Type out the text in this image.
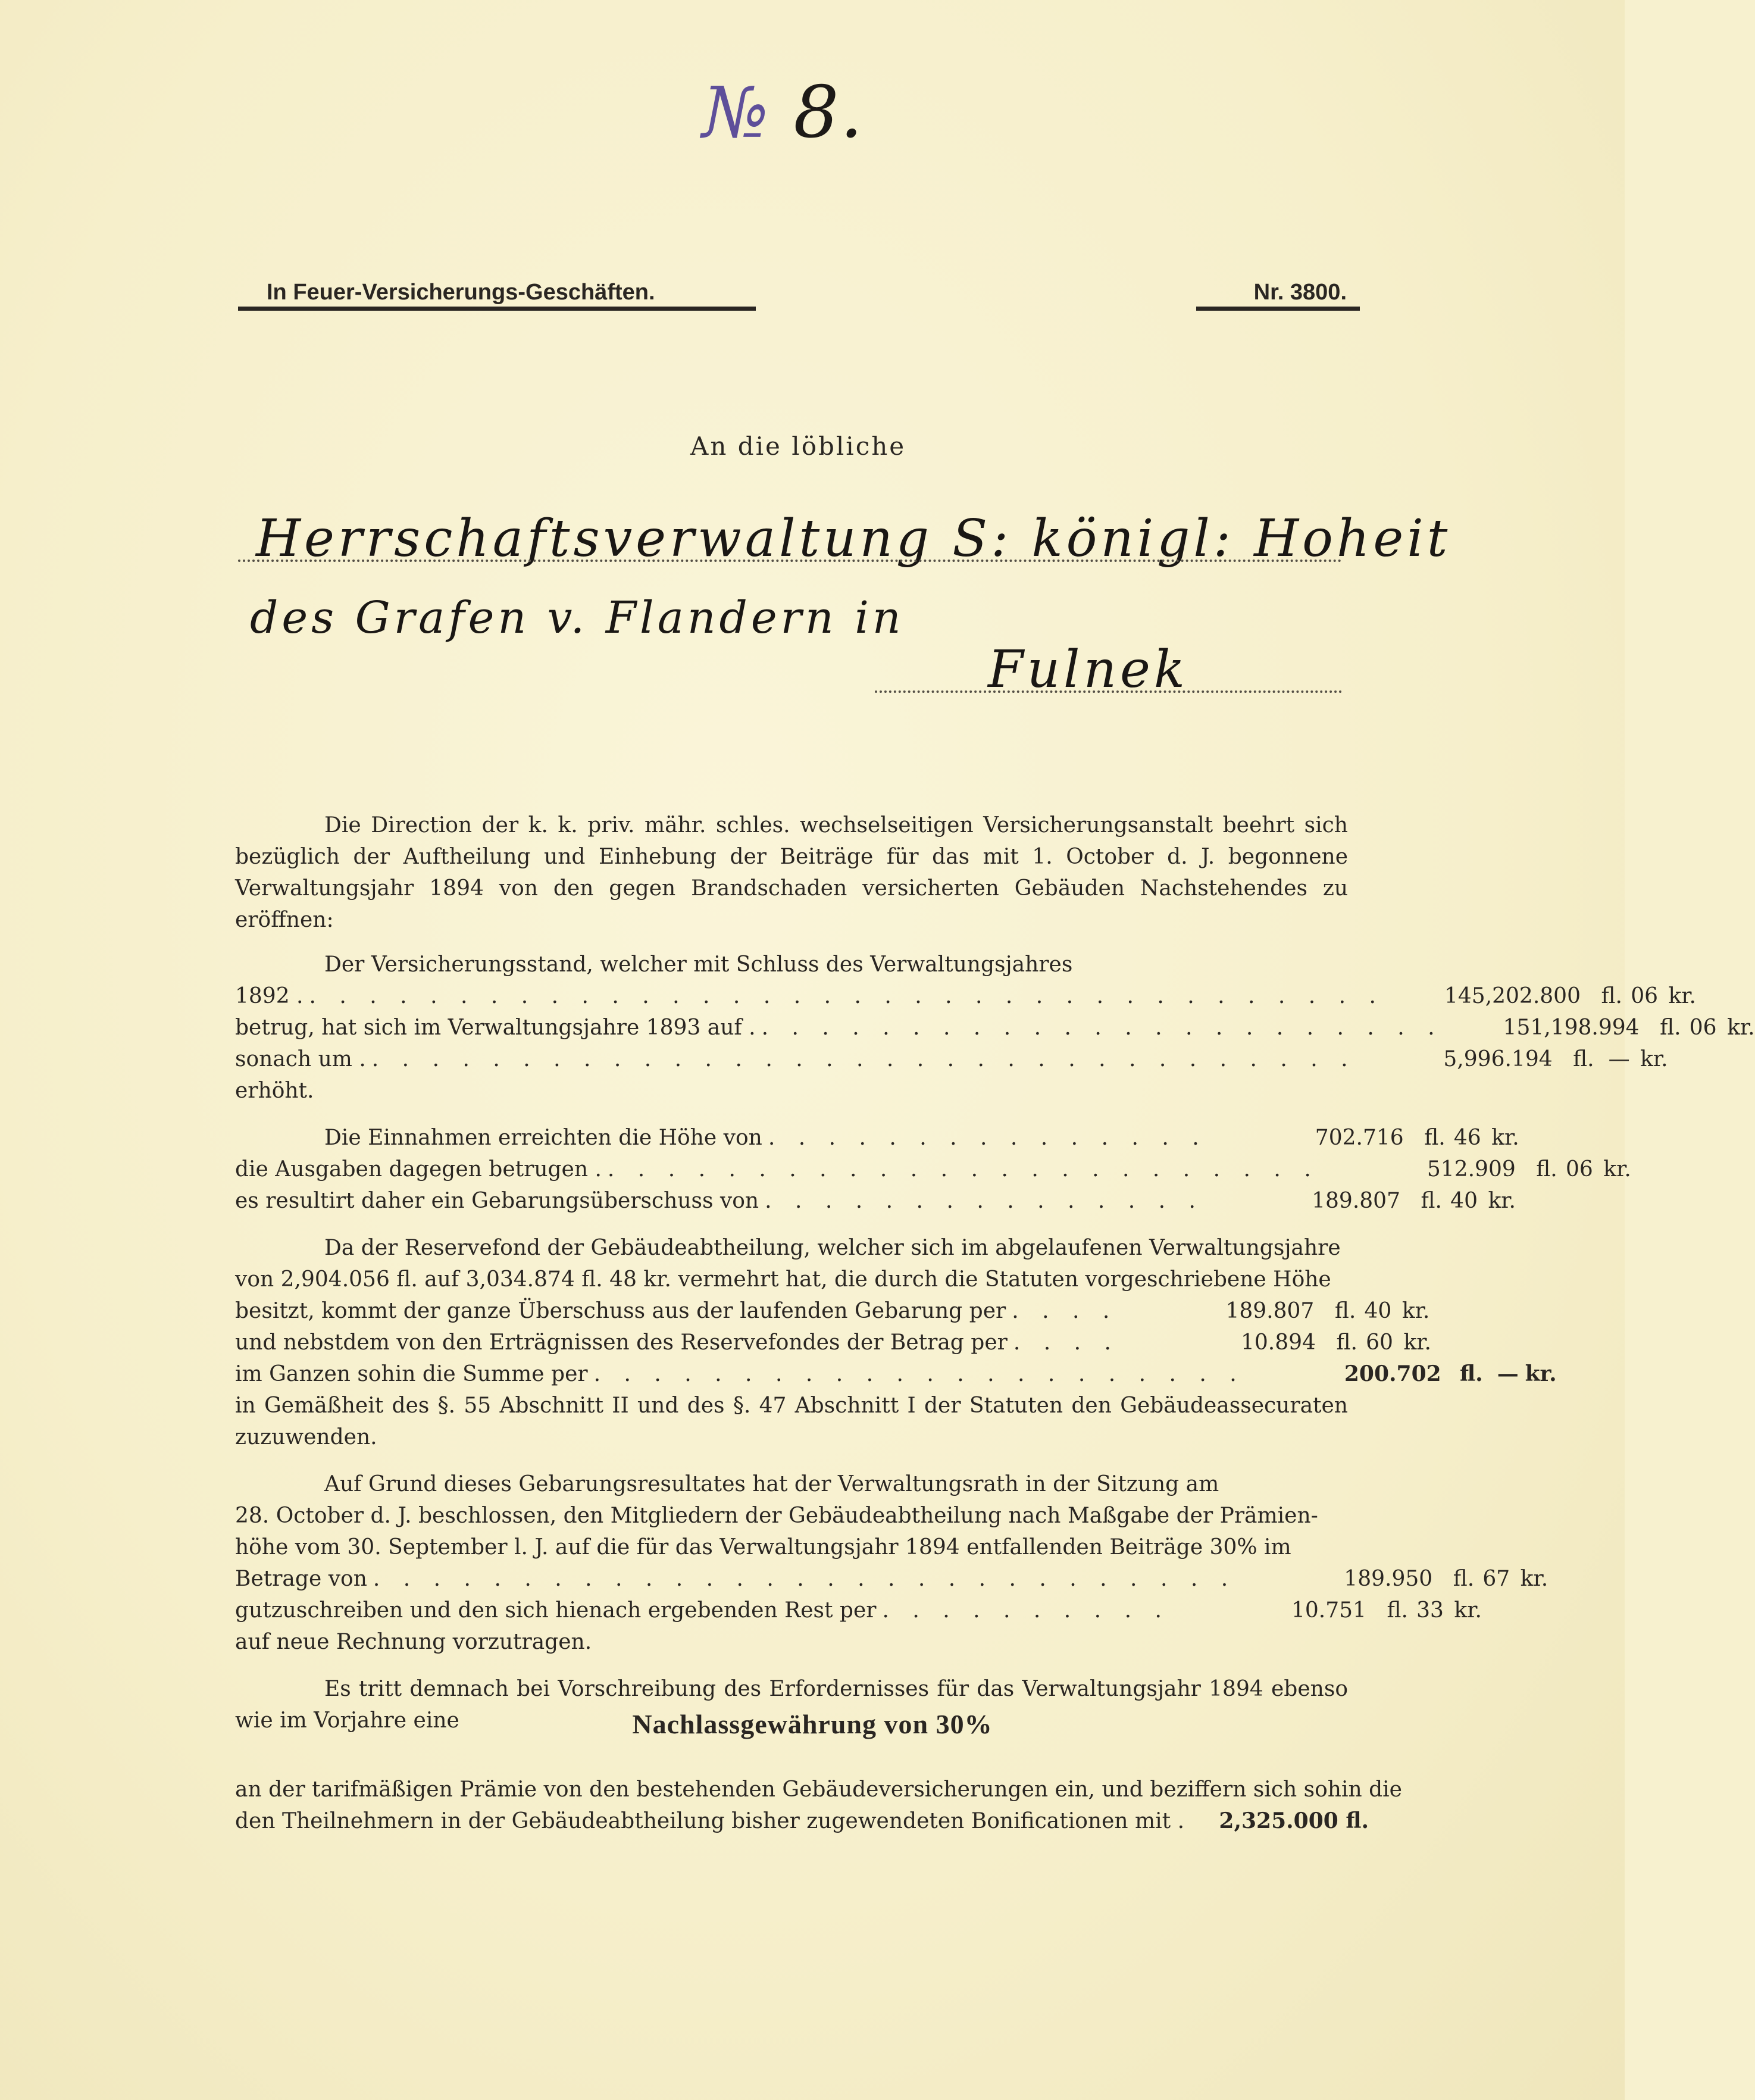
№ 8.
In Feuer-Versicherungs-Geschäften.	Nr. 3800.
An die löbliche
Herrschaftsverwaltung S: königl: Hoheit
des Grafen v. Flandern in
Fulnek

Die Direction der k. k. priv. mähr. schles. wechselseitigen Versicherungsanstalt beehrt sich bezüglich der Auftheilung und Einhebung der Beiträge für das mit 1. October d. J. begonnene Verwaltungsjahr 1894 von den gegen Brandschaden versicherten Gebäuden Nachstehendes zu eröffnen:

Der Versicherungsstand, welcher mit Schluss des Verwaltungsjahres
1892 . . . . . . . . . . . . . . . . . . . . . . . . . . . . . . . . . . . . .	145,202.800 fl. 06 kr.
betrug, hat sich im Verwaltungsjahre 1893 auf . . . . . . . . . . . . . . . . . . . . . . . .	151,198.994 fl. 06 kr.
sonach um . . . . . . . . . . . . . . . . . . . . . . . . . . . . . . . . . .	5,996.194 fl. — kr.
erhöht.
Die Einnahmen erreichten die Höhe von . . . . . . . . . . . . . . .	702.716 fl. 46 kr.
die Ausgaben dagegen betrugen . . . . . . . . . . . . . . . . . . . . . . . . .	512.909 fl. 06 kr.
es resultirt daher ein Gebarungsüberschuss von . . . . . . . . . . . . . . .	189.807 fl. 40 kr.
Da der Reservefond der Gebäudeabtheilung, welcher sich im abgelaufenen Verwaltungsjahre
von 2,904.056 fl. auf 3,034.874 fl. 48 kr. vermehrt hat, die durch die Statuten vorgeschriebene Höhe
besitzt, kommt der ganze Überschuss aus der laufenden Gebarung per . . . .	189.807 fl. 40 kr.
und nebstdem von den Erträgnissen des Reservefondes der Betrag per . . . .	10.894 fl. 60 kr.
im Ganzen sohin die Summe per . . . . . . . . . . . . . . . . . . . . . .	200.702 fl. — kr.

in Gemäßheit des §. 55 Abschnitt II und des §. 47 Abschnitt I der Statuten den Gebäudeassecuraten zuzuwenden.

Auf Grund dieses Gebarungsresultates hat der Verwaltungsrath in der Sitzung am
28. October d. J. beschlossen, den Mitgliedern der Gebäudeabtheilung nach Maßgabe der Prämien-
höhe vom 30. September l. J. auf die für das Verwaltungsjahr 1894 entfallenden Beiträge 30% im
Betrage von . . . . . . . . . . . . . . . . . . . . . . . . . . . . .	189.950 fl. 67 kr.
gutzuschreiben und den sich hienach ergebenden Rest per . . . . . . . . . .	10.751 fl. 33 kr.
auf neue Rechnung vorzutragen.

Es tritt demnach bei Vorschreibung des Erfordernisses für das Verwaltungsjahr 1894 ebenso wie im Vorjahre eine	Nachlassgewährung von 30%
an der tarifmäßigen Prämie von den bestehenden Gebäudeversicherungen ein, und beziffern sich sohin die
den Theilnehmern in der Gebäudeabtheilung bisher zugewendeten Bonificationen mit .	2,325.000 fl.
